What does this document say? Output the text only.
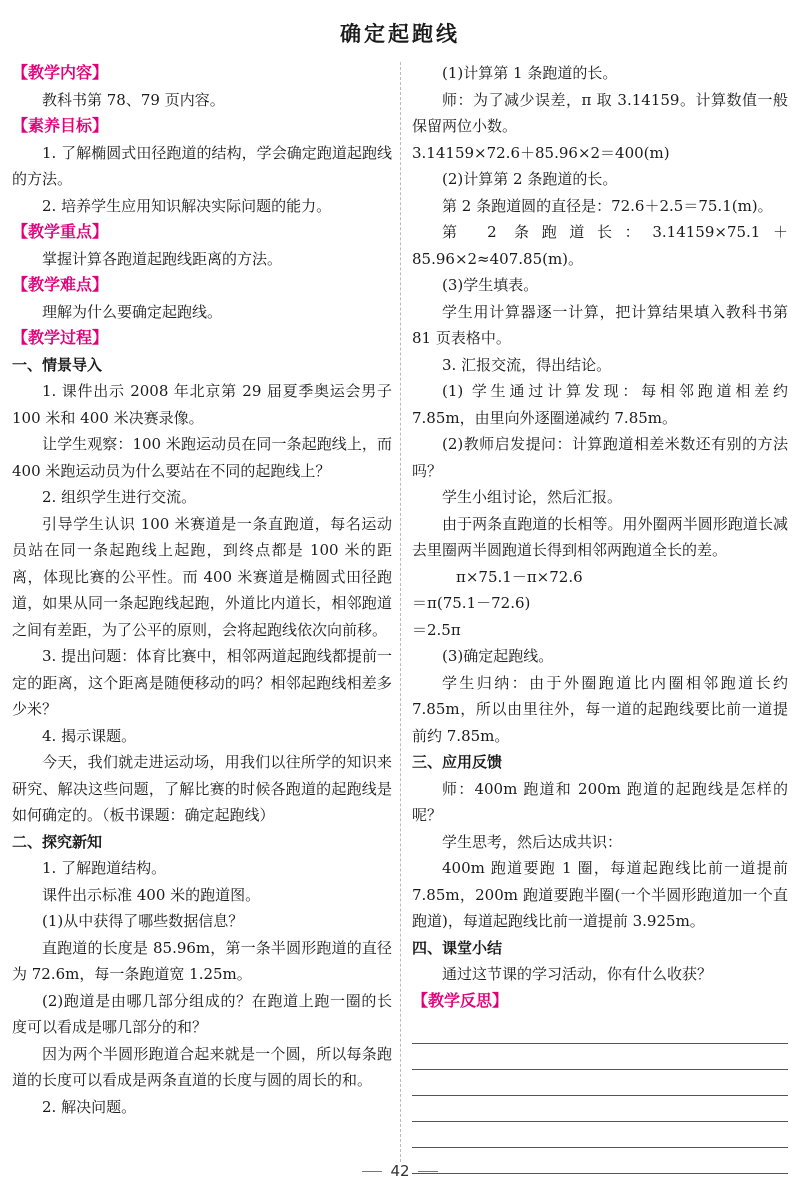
确定起跑线
【教学内容】
教科书第 78、79 页内容。
【素养目标】
1. 了解椭圆式田径跑道的结构，学会确定跑道起跑线的方法。
2. 培养学生应用知识解决实际问题的能力。
【教学重点】
掌握计算各跑道起跑线距离的方法。
【教学难点】
理解为什么要确定起跑线。
【教学过程】
一、情景导入
1. 课件出示 2008 年北京第 29 届夏季奥运会男子 100 米和 400 米决赛录像。
让学生观察：100 米跑运动员在同一条起跑线上，而 400 米跑运动员为什么要站在不同的起跑线上？
2. 组织学生进行交流。
引导学生认识 100 米赛道是一条直跑道，每名运动员站在同一条起跑线上起跑，到终点都是 100 米的距离，体现比赛的公平性。而 400 米赛道是椭圆式田径跑道，如果从同一条起跑线起跑，外道比内道长，相邻跑道之间有差距，为了公平的原则，会将起跑线依次向前移。
3. 提出问题：体育比赛中，相邻两道起跑线都提前一定的距离，这个距离是随便移动的吗？相邻起跑线相差多少米？
4. 揭示课题。
今天，我们就走进运动场，用我们以往所学的知识来研究、解决这些问题，了解比赛的时候各跑道的起跑线是如何确定的。（板书课题：确定起跑线）
二、探究新知
1. 了解跑道结构。
课件出示标准 400 米的跑道图。
(1)从中获得了哪些数据信息？
直跑道的长度是 85.96m，第一条半圆形跑道的直径为 72.6m，每一条跑道宽 1.25m。
(2)跑道是由哪几部分组成的？在跑道上跑一圈的长度可以看成是哪几部分的和？
因为两个半圆形跑道合起来就是一个圆，所以每条跑道的长度可以看成是两条直道的长度与圆的周长的和。
2. 解决问题。
(1)计算第 1 条跑道的长。
师：为了减少误差，π 取 3.14159。计算数值一般保留两位小数。
3.14159×72.6＋85.96×2＝400(m)
(2)计算第 2 条跑道的长。
第 2 条跑道圆的直径是：72.6＋2.5＝75.1(m)。
第 2 条跑道长：3.14159×75.1＋85.96×2≈407.85(m)。
(3)学生填表。
学生用计算器逐一计算，把计算结果填入教科书第 81 页表格中。
3. 汇报交流，得出结论。
(1) 学生通过计算发现：每相邻跑道相差约 7.85m，由里向外逐圈递减约 7.85m。
(2)教师启发提问：计算跑道相差米数还有别的方法吗？
学生小组讨论，然后汇报。
由于两条直跑道的长相等。用外圈两半圆形跑道长减去里圈两半圆跑道长得到相邻两跑道全长的差。
π×75.1－π×72.6
＝π(75.1－72.6)
＝2.5π
(3)确定起跑线。
学生归纳：由于外圈跑道比内圈相邻跑道长约 7.85m，所以由里往外，每一道的起跑线要比前一道提前约 7.85m。
三、应用反馈
师：400m 跑道和 200m 跑道的起跑线是怎样的呢？
学生思考，然后达成共识：
400m 跑道要跑 1 圈，每道起跑线比前一道提前 7.85m，200m 跑道要跑半圈(一个半圆形跑道加一个直跑道)，每道起跑线比前一道提前 3.925m。
四、课堂小结
通过这节课的学习活动，你有什么收获？
【教学反思】
42
